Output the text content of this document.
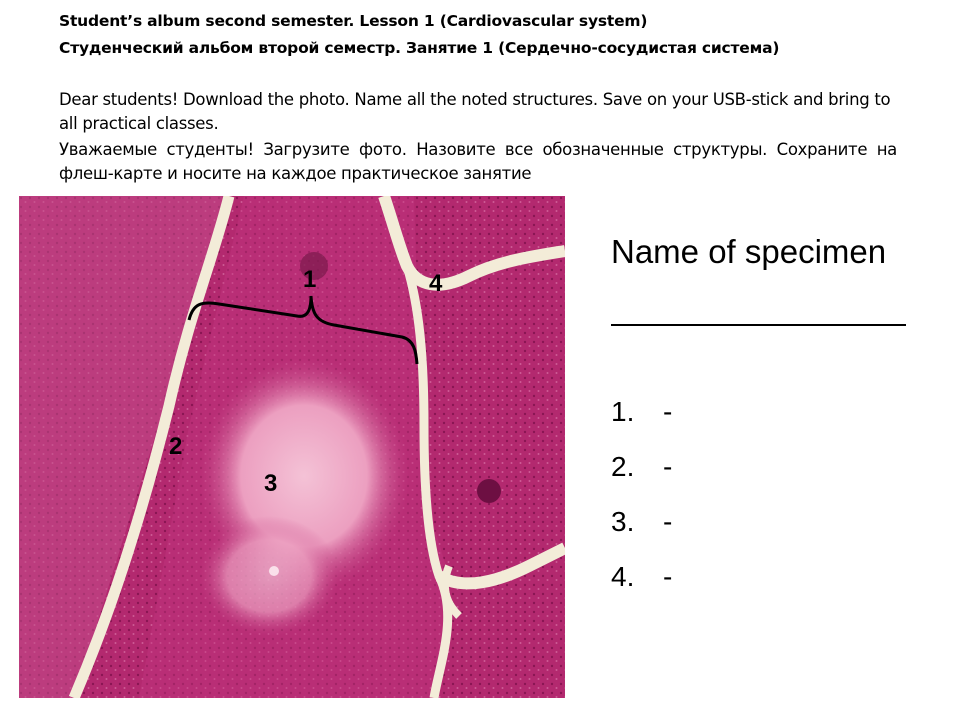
Student’s album second semester. Lesson 1 (Cardiovascular system)
Студенческий альбом второй семестр. Занятие 1 (Сердечно-сосудистая система)
Dear students! Download the photo. Name all the noted structures. Save on your USB-stick and bring to all practical classes.
Уважаемые студенты! Загрузите фото. Назовите все обозначенные структуры. Сохраните на флеш-карте и носите на каждое практическое занятие
1
2
3
4
Name of specimen
1. -
2. -
3. -
4. -
